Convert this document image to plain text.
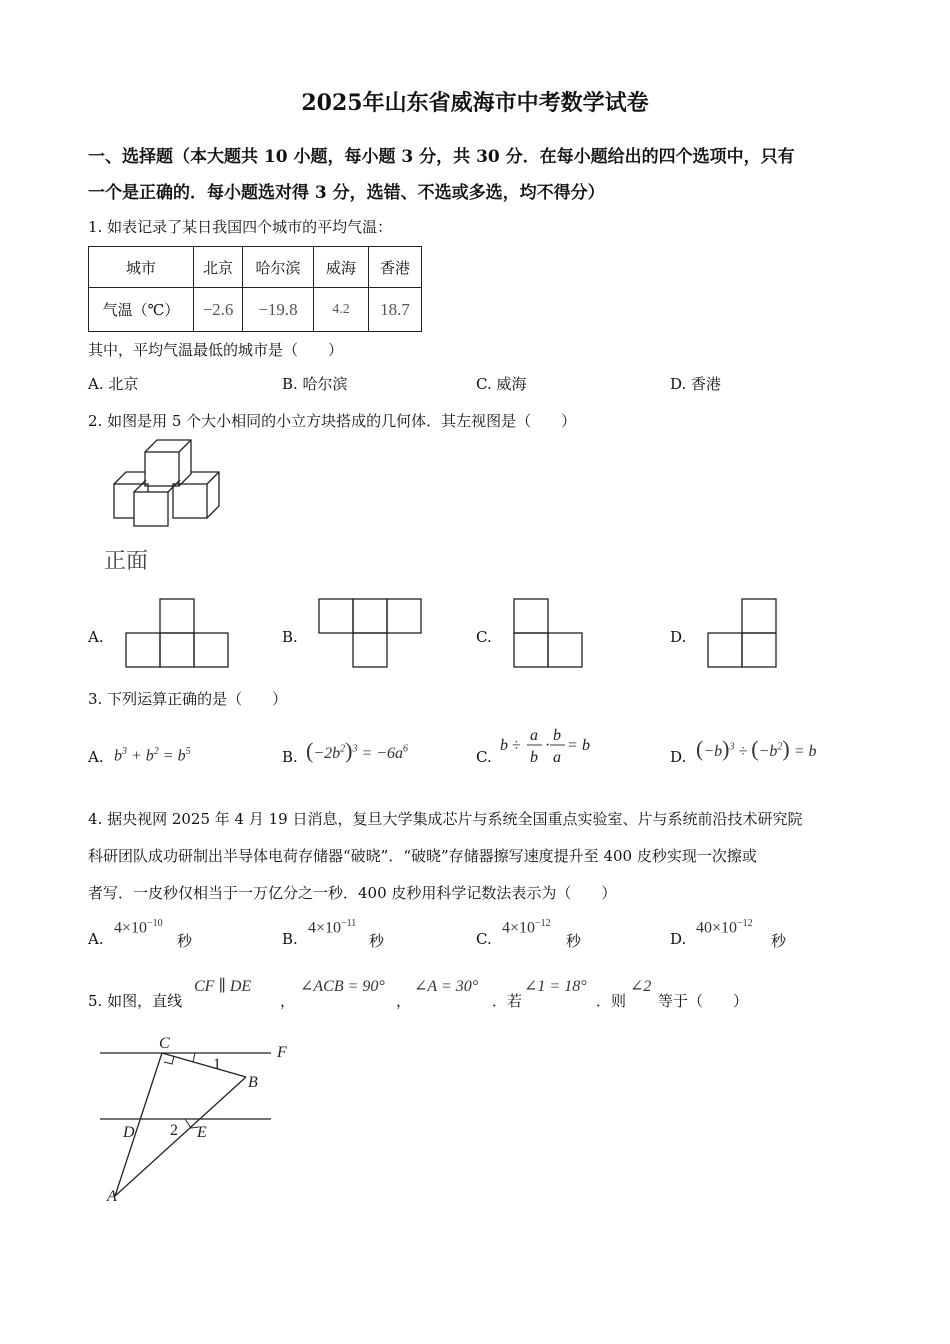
2025年山东省威海市中考数学试卷
一、选择题（本大题共 10 小题，每小题 3 分，共 30 分．在每小题给出的四个选项中，只有
一个是正确的．每小题选对得 3 分，选错、不选或多选，均不得分）
1. 如表记录了某日我国四个城市的平均气温：
城市	北京	哈尔滨	威海	香港
气温（℃）	−2.6	−19.8	4.2	18.7
其中，平均气温最低的城市是（　　）
A. 北京	B. 哈尔滨	C. 威海	D. 香港
2. 如图是用 5 个大小相同的小立方块搭成的几何体．其左视图是（　　）
正面
A.	B.	C.	D.
3. 下列运算正确的是（　　）
A. $b^3 + b^2 = b^5$	B. $(-2b^2)^3 = -6a^6$	C.
b ÷
a
b
·
b
a
= b
D. $(-b)^3 \div (-b^2) = b$
4. 据央视网 2025 年 4 月 19 日消息，复旦大学集成芯片与系统全国重点实验室、片与系统前沿技术研究院
科研团队成功研制出半导体电荷存储器“破晓”．“破晓”存储器擦写速度提升至 400 皮秒实现一次擦或
者写．一皮秒仅相当于一万亿分之一秒．400 皮秒用科学记数法表示为（　　）
A.
$4\times 10^{-10}$
秒	B.
$4\times 10^{-11}$
秒	C.
$4\times 10^{-12}$
秒	D.
$40\times 10^{-12}$
秒
5. 如图，直线
CF ∥ DE
，
∠ACB = 90°
，
∠A = 30°
．若
∠1 = 18°
．则
∠2
等于（　　）
C
F
B
D	E
A
1
2
